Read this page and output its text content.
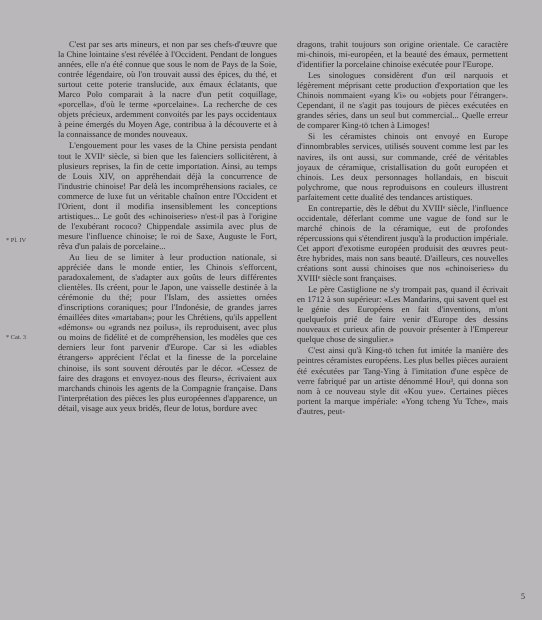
* Pl. IV
* Cat. 3

C'est par ses arts mineurs, et non par ses chefs-d'œuvre que la Chine lointaine s'est révélée à l'Occident. Pendant de longues années, elle n'a été connue que sous le nom de Pays de la Soie, contrée légendaire, où l'on trouvait aussi des épices, du thé, et surtout cette poterie translucide, aux émaux éclatants, que Marco Polo comparait à la nacre d'un petit coquillage, «porcella», d'où le terme «porcelaine». La recherche de ces objets précieux, ardemment convoités par les pays occidentaux à peine émergés du Moyen Age, contribua à la découverte et à la connaissance de mondes nouveaux.

L'engouement pour les vases de la Chine persista pendant tout le XVIIᵉ siècle, si bien que les faïenciers sollicitèrent, à plusieurs reprises, la fin de cette importation. Ainsi, au temps de Louis XIV, on appréhendait déjà la concurrence de l'industrie chinoise! Par delà les incompréhensions raciales, ce commerce de luxe fut un véritable chaînon entre l'Occident et l'Orient, dont il modifia insensiblement les conceptions artistiques... Le goût des «chinoiseries» n'est-il pas à l'origine de l'exubérant rococo? Chippendale assimila avec plus de mesure l'influence chinoise; le roi de Saxe, Auguste le Fort, rêva d'un palais de porcelaine...

Au lieu de se limiter à leur production nationale, si appréciée dans le monde entier, les Chinois s'efforcent, paradoxalement, de s'adapter aux goûts de leurs différentes clientèles. Ils créent, pour le Japon, une vaisselle destinée à la cérémonie du thé; pour l'Islam, des assiettes ornées d'inscriptions coraniques; pour l'Indonésie, de grandes jarres émaillées dites «martaban»; pour les Chrétiens, qu'ils appellent «démons» ou «grands nez poilus», ils reproduisent, avec plus ou moins de fidélité et de compréhension, les modèles que ces derniers leur font parvenir d'Europe. Car si les «diables étrangers» apprécient l'éclat et la finesse de la porcelaine chinoise, ils sont souvent déroutés par le décor. «Cessez de faire des dragons et envoyez-nous des fleurs», écrivaient aux marchands chinois les agents de la Compagnie française. Dans l'interprétation des pièces les plus européennes d'apparence, un détail, visage aux yeux bridés, fleur de lotus, bordure avec

dragons, trahit toujours son origine orientale. Ce caractère mi-chinois, mi-européen, et la beauté des émaux, permettent d'identifier la porcelaine chinoise exécutée pour l'Europe.

Les sinologues considèrent d'un œil narquois et légèrement méprisant cette production d'exportation que les Chinois nommaient «yang k'i» ou «objets pour l'étranger». Cependant, il ne s'agit pas toujours de pièces exécutées en grandes séries, dans un seul but commercial... Quelle erreur de comparer King-tö tchen à Limoges!

Si les céramistes chinois ont envoyé en Europe d'innombrables services, utilisés souvent comme lest par les navires, ils ont aussi, sur commande, créé de véritables joyaux de céramique, cristallisation du goût européen et chinois. Les deux personnages hollandais, en biscuit polychrome, que nous reproduisons en couleurs illustrent parfaitement cette dualité des tendances artistiques.

En contrepartie, dès le début du XVIIIᵉ siècle, l'influence occidentale, déferlant comme une vague de fond sur le marché chinois de la céramique, eut de profondes répercussions qui s'étendirent jusqu'à la production impériale. Cet apport d'exotisme européen produisit des œuvres peut-être hybrides, mais non sans beauté. D'ailleurs, ces nouvelles créations sont aussi chinoises que nos «chinoiseries» du XVIIIᵉ siècle sont françaises.

Le père Castiglione ne s'y trompait pas, quand il écrivait en 1712 à son supérieur: «Les Mandarins, qui savent quel est le génie des Européens en fait d'inventions, m'ont quelquefois prié de faire venir d'Europe des dessins nouveaux et curieux afin de pouvoir présenter à l'Empereur quelque chose de singulier.»

C'est ainsi qu'à King-tö tchen fut imitée la manière des peintres céramistes européens. Les plus belles pièces auraient été exécutées par Tang-Ying à l'imitation d'une espèce de verre fabriqué par un artiste dénommé Hou³, qui donna son nom à ce nouveau style dit «Kou yue». Certaines pièces portent la marque impériale: «Yong tcheng Yu Tche», mais d'autres, peut-

5
